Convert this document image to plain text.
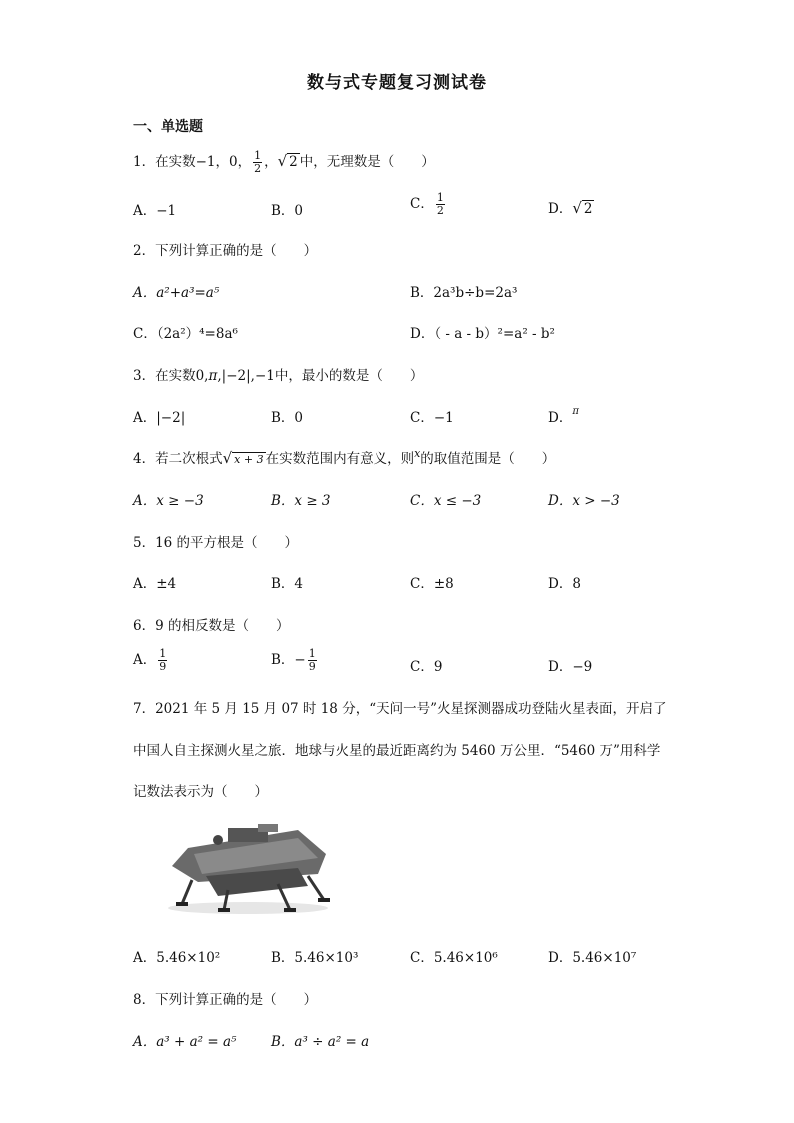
数与式专题复习测试卷
一、单选题
1．在实数−1，0， $\frac{1}{2}$ ，√ 2 中，无理数是（　　）
A．−1	B．0	C． $\frac{1}{2}$	D．√ 2
2．下列计算正确的是（　　）
A．a²+a³=a⁵	B．2a³b÷b=2a³
C．（2a²）⁴=8a⁶	D．（ - a - b）²=a² - b²
3．在实数0,π,|−2|,−1中，最小的数是（　　）
A．|−2|	B．0	C．−1	D．$^\pi$
4．若二次根式√ x + 3 在实数范围内有意义，则$^x$的取值范围是（　　）
A．x ≥ −3	B．x ≥ 3	C．x ≤ −3	D．x > −3
5．16 的平方根是（　　）
A．±4	B．4	C．±8	D．8
6．9 的相反数是（　　）
A． $\frac{1}{9}$	B．− $\frac{1}{9}$	C．9	D．−9
7．2021 年 5 月 15 月 07 时 18 分，“天问一号”火星探测器成功登陆火星表面，开启了
中国人自主探测火星之旅．地球与火星的最近距离约为 5460 万公里．“5460 万”用科学
记数法表示为（　　）
A．5.46×10²	B．5.46×10³	C．5.46×10⁶	D．5.46×10⁷
8．下列计算正确的是（　　）
A．a³ + a² = a⁵	B．a³ ÷ a² = a
